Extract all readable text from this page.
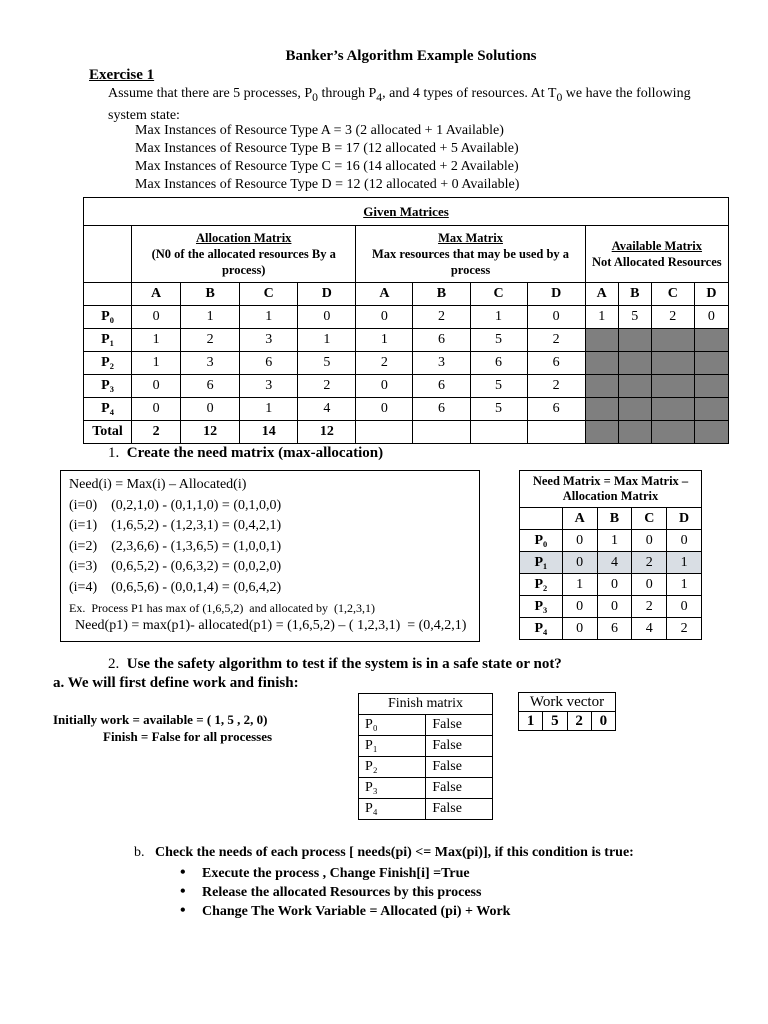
Banker’s Algorithm Example Solutions
Exercise 1
Assume that there are 5 processes, $P_0$ through $P_4$, and 4 types of resources. At $T_0$ we have the following system state:
Max Instances of Resource Type A = 3 (2 allocated + 1 Available)
Max Instances of Resource Type B = 17 (12 allocated + 5 Available)
Max Instances of Resource Type C = 16 (14 allocated + 2 Available)
Max Instances of Resource Type D = 12 (12 allocated + 0 Available)
Given Matrices												
	Allocation Matrix
(N0 of the allocated resources By a process)				Max Matrix
Max resources that may be used by a process				Available Matrix
Not Allocated Resources			
	A	B	C	D	A	B	C	D	A	B	C	D
P₀	0	1	1	0	0	2	1	0	1	5	2	0
P₁	1	2	3	1	1	6	5	2				
P₂	1	3	6	5	2	3	6	6				
P₃	0	6	3	2	0	6	5	2				
P₄	0	0	1	4	0	6	5	6				
Total	2	12	14	12								
1. Create the need matrix (max-allocation)
Need(i) = Max(i) – Allocated(i)
(i=0)    (0,2,1,0) - (0,1,1,0) = (0,1,0,0)
(i=1)    (1,6,5,2) - (1,2,3,1) = (0,4,2,1)
(i=2)    (2,3,6,6) - (1,3,6,5) = (1,0,0,1)
(i=3)    (0,6,5,2) - (0,6,3,2) = (0,0,2,0)
(i=4)    (0,6,5,6) - (0,0,1,4) = (0,6,4,2)
Ex.  Process P1 has max of (1,6,5,2)  and allocated by  (1,2,3,1)
Need(p1) = max(p1)- allocated(p1) = (1,6,5,2) – ( 1,2,3,1)  = (0,4,2,1)
Need Matrix = Max Matrix – Allocation Matrix				
	A	B	C	D
P₀	0	1	0	0
P₁	0	4	2	1
P₂	1	0	0	1
P₃	0	0	2	0
P₄	0	6	4	2
2. Use the safety algorithm to test if the system is in a safe state or not?
a. We will first define work and finish:
Initially work = available = ( 1, 5 , 2, 0)
Finish = False for all processes
Finish matrix	
P₀	False
P₁	False
P₂	False
P₃	False
P₄	False
Work vector
1	5	2	0
b. Check the needs of each process [ needs(pi) <= Max(pi)], if this condition is true:
• Execute the process , Change Finish[i] =True
• Release the allocated Resources by this process
• Change The Work Variable = Allocated (pi) + Work
